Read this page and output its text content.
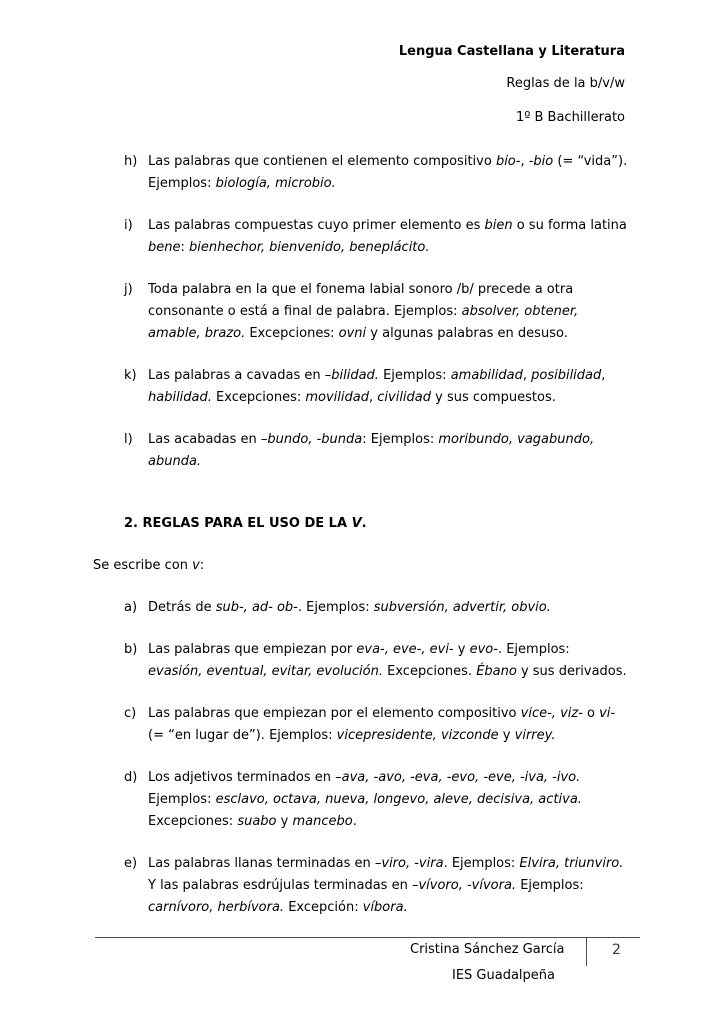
Lengua Castellana y Literatura
Reglas de la b/v/w
1º B Bachillerato
h) Las palabras que contienen el elemento compositivo bio-, -bio (= “vida”). Ejemplos: biología, microbio.
i) Las palabras compuestas cuyo primer elemento es bien o su forma latina bene: bienhechor, bienvenido, beneplácito.
j) Toda palabra en la que el fonema labial sonoro /b/ precede a otra consonante o está a final de palabra. Ejemplos: absolver, obtener, amable, brazo. Excepciones: ovni y algunas palabras en desuso.
k) Las palabras a cavadas en –bilidad. Ejemplos: amabilidad, posibilidad, habilidad. Excepciones: movilidad, civilidad y sus compuestos.
l) Las acabadas en –bundo, -bunda: Ejemplos: moribundo, vagabundo, abunda.
2. REGLAS PARA EL USO DE LA V.
Se escribe con v:
a) Detrás de sub-, ad- ob-. Ejemplos: subversión, advertir, obvio.
b) Las palabras que empiezan por eva-, eve-, evi- y evo-. Ejemplos: evasión, eventual, evitar, evolución. Excepciones. Ébano y sus derivados.
c) Las palabras que empiezan por el elemento compositivo vice-, viz- o vi- (= “en lugar de”). Ejemplos: vicepresidente, vizconde y virrey.
d) Los adjetivos terminados en –ava, -avo, -eva, -evo, -eve, -iva, -ivo. Ejemplos: esclavo, octava, nueva, longevo, aleve, decisiva, activa. Excepciones: suabo y mancebo.
e) Las palabras llanas terminadas en –viro, -vira. Ejemplos: Elvira, triunviro. Y las palabras esdrújulas terminadas en –vívoro, -vívora. Ejemplos: carnívoro, herbívora. Excepción: víbora.
Cristina Sánchez García
IES Guadalpeña
2
